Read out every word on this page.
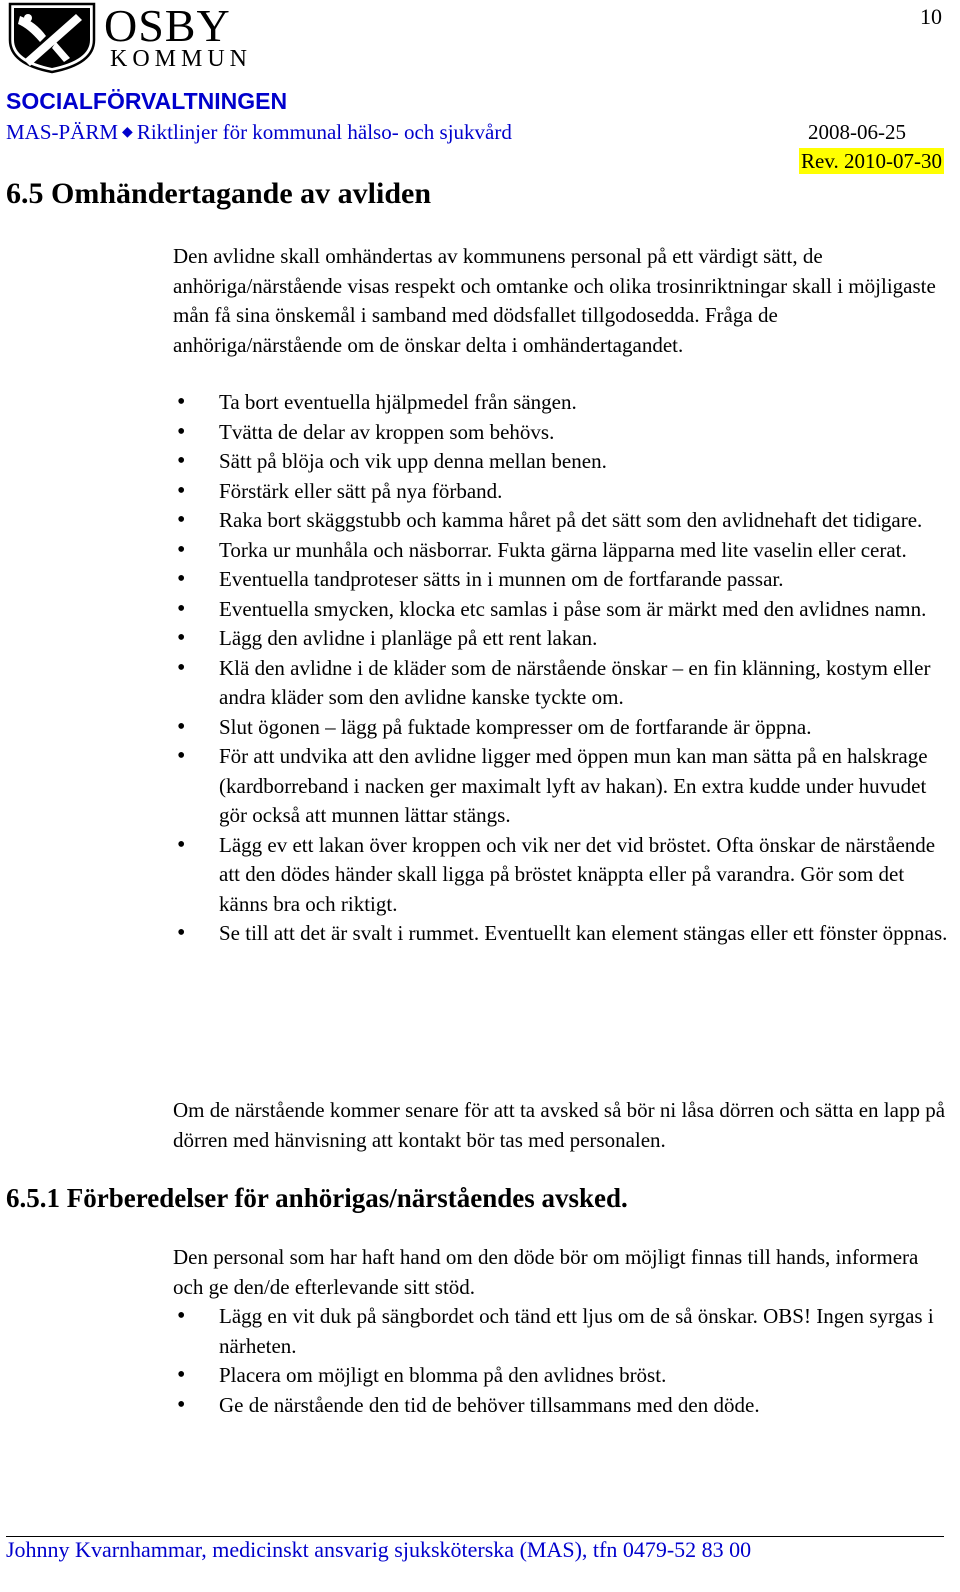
10
OSBY
KOMMUN
SOCIALFÖRVALTNINGEN
MAS-PÄRM ◆ Riktlinjer för kommunal hälso- och sjukvård	2008-06-25
Rev. 2010-07-30
6.5 Omhändertagande av avliden

Den avlidne skall omhändertas av kommunens personal på ett värdigt sätt, de anhöriga/närstående visas respekt och omtanke och olika trosinriktningar skall i möjligaste mån få sina önskemål i samband med dödsfallet tillgodosedda. Fråga de anhöriga/närstående om de önskar delta i omhändertagandet.

• Ta bort eventuella hjälpmedel från sängen.
• Tvätta de delar av kroppen som behövs.
• Sätt på blöja och vik upp denna mellan benen.
• Förstärk eller sätt på nya förband.
• Raka bort skäggstubb och kamma håret på det sätt som den avlidnehaft det tidigare.
• Torka ur munhåla och näsborrar. Fukta gärna läpparna med lite vaselin eller cerat.
• Eventuella tandproteser sätts in i munnen om de fortfarande passar.
• Eventuella smycken, klocka etc samlas i påse som är märkt med den avlidnes namn.
• Lägg den avlidne i planläge på ett rent lakan.
• Klä den avlidne i de kläder som de närstående önskar – en fin klänning, kostym eller andra kläder som den avlidne kanske tyckte om.
• Slut ögonen – lägg på fuktade kompresser om de fortfarande är öppna.
• För att undvika att den avlidne ligger med öppen mun kan man sätta på en halskrage (kardborreband i nacken ger maximalt lyft av hakan). En extra kudde under huvudet gör också att munnen lättar stängs.
• Lägg ev ett lakan över kroppen och vik ner det vid bröstet. Ofta önskar de närstående att den dödes händer skall ligga på bröstet knäppta eller på varandra. Gör som det känns bra och riktigt.
• Se till att det är svalt i rummet. Eventuellt kan element stängas eller ett fönster öppnas.

Om de närstående kommer senare för att ta avsked så bör ni låsa dörren och sätta en lapp på dörren med hänvisning att kontakt bör tas med personalen.

6.5.1 Förberedelser för anhörigas/närståendes avsked.

Den personal som har haft hand om den döde bör om möjligt finnas till hands, informera och ge den/de efterlevande sitt stöd.

• Lägg en vit duk på sängbordet och tänd ett ljus om de så önskar. OBS! Ingen syrgas i närheten.
• Placera om möjligt en blomma på den avlidnes bröst.
• Ge de närstående den tid de behöver tillsammans med den döde.
Johnny Kvarnhammar, medicinskt ansvarig sjuksköterska (MAS), tfn 0479-52 83 00
